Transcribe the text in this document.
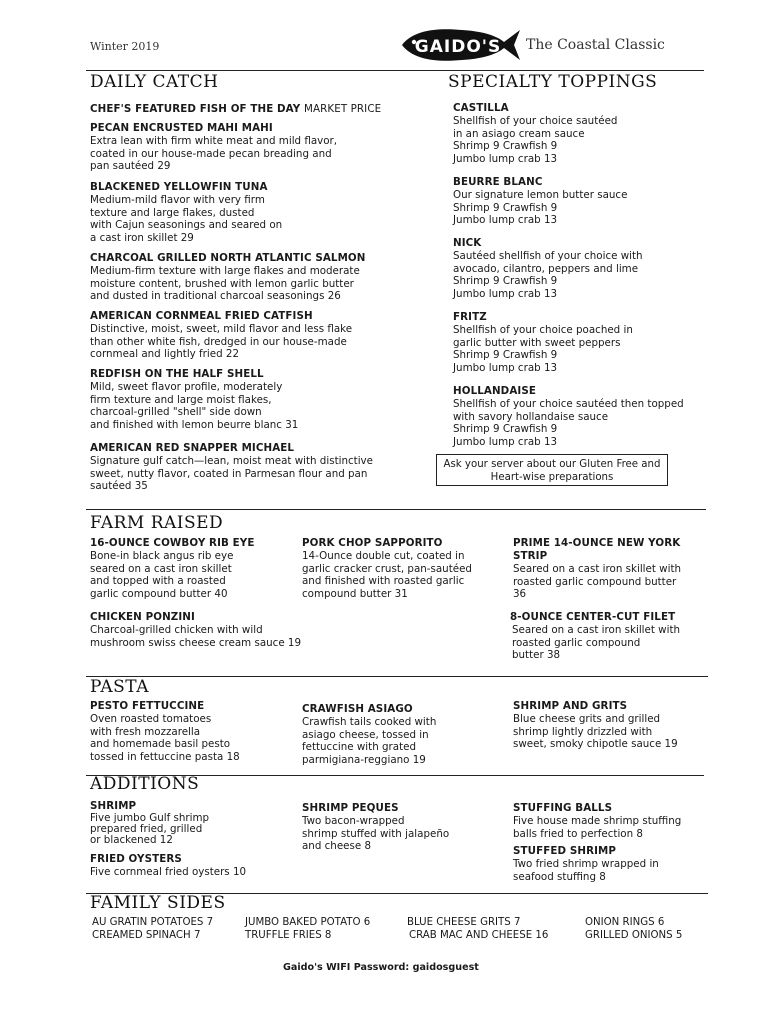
Winter 2019	GAIDO'S The Coastal Classic
DAILY CATCH
CHEF'S FEATURED FISH OF THE DAY MARKET PRICE
PECAN ENCRUSTED MAHI MAHI
Extra lean with firm white meat and mild flavor,
coated in our house-made pecan breading and
pan sautéed 29
BLACKENED YELLOWFIN TUNA
Medium-mild flavor with very firm
texture and large flakes, dusted
with Cajun seasonings and seared on
a cast iron skillet 29
CHARCOAL GRILLED NORTH ATLANTIC SALMON
Medium-firm texture with large flakes and moderate
moisture content, brushed with lemon garlic butter
and dusted in traditional charcoal seasonings 26
AMERICAN CORNMEAL FRIED CATFISH
Distinctive, moist, sweet, mild flavor and less flake
than other white fish, dredged in our house-made
cornmeal and lightly fried 22
REDFISH ON THE HALF SHELL
Mild, sweet flavor profile, moderately
firm texture and large moist flakes,
charcoal-grilled "shell" side down
and finished with lemon beurre blanc 31
AMERICAN RED SNAPPER MICHAEL
Signature gulf catch—lean, moist meat with distinctive
sweet, nutty flavor, coated in Parmesan flour and pan
sautéed 35
SPECIALTY TOPPINGS
CASTILLA
Shellfish of your choice sautéed
in an asiago cream sauce
Shrimp 9 Crawfish 9
Jumbo lump crab 13
BEURRE BLANC
Our signature lemon butter sauce
Shrimp 9 Crawfish 9
Jumbo lump crab 13
NICK
Sautéed shellfish of your choice with
avocado, cilantro, peppers and lime
Shrimp 9 Crawfish 9
Jumbo lump crab 13
FRITZ
Shellfish of your choice poached in
garlic butter with sweet peppers
Shrimp 9 Crawfish 9
Jumbo lump crab 13
HOLLANDAISE
Shellfish of your choice sautéed then topped
with savory hollandaise sauce
Shrimp 9 Crawfish 9
Jumbo lump crab 13
Ask your server about our Gluten Free and
Heart-wise preparations
FARM RAISED
16-OUNCE COWBOY RIB EYE
Bone-in black angus rib eye
seared on a cast iron skillet
and topped with a roasted
garlic compound butter 40
PORK CHOP SAPPORITO
14-Ounce double cut, coated in
garlic cracker crust, pan-sautéed
and finished with roasted garlic
compound butter 31
PRIME 14-OUNCE NEW YORK
STRIP
Seared on a cast iron skillet with
roasted garlic compound butter
36
CHICKEN PONZINI
Charcoal-grilled chicken with wild
mushroom swiss cheese cream sauce 19
8-OUNCE CENTER-CUT FILET
Seared on a cast iron skillet with
roasted garlic compound
butter 38
PASTA
PESTO FETTUCCINE
Oven roasted tomatoes
with fresh mozzarella
and homemade basil pesto
tossed in fettuccine pasta 18
CRAWFISH ASIAGO
Crawfish tails cooked with
asiago cheese, tossed in
fettuccine with grated
parmigiana-reggiano 19
SHRIMP AND GRITS
Blue cheese grits and grilled
shrimp lightly drizzled with
sweet, smoky chipotle sauce 19
ADDITIONS
SHRIMP
Five jumbo Gulf shrimp
prepared fried, grilled
or blackened 12
FRIED OYSTERS
Five cornmeal fried oysters 10
SHRIMP PEQUES
Two bacon-wrapped
shrimp stuffed with jalapeño
and cheese 8
STUFFING BALLS
Five house made shrimp stuffing
balls fried to perfection 8
STUFFED SHRIMP
Two fried shrimp wrapped in
seafood stuffing 8
FAMILY SIDES
AU GRATIN POTATOES 7	JUMBO BAKED POTATO 6	BLUE CHEESE GRITS 7	ONION RINGS 6
CREAMED SPINACH 7	TRUFFLE FRIES 8	CRAB MAC AND CHEESE 16	GRILLED ONIONS 5
Gaido's WIFI Password: gaidosguest
